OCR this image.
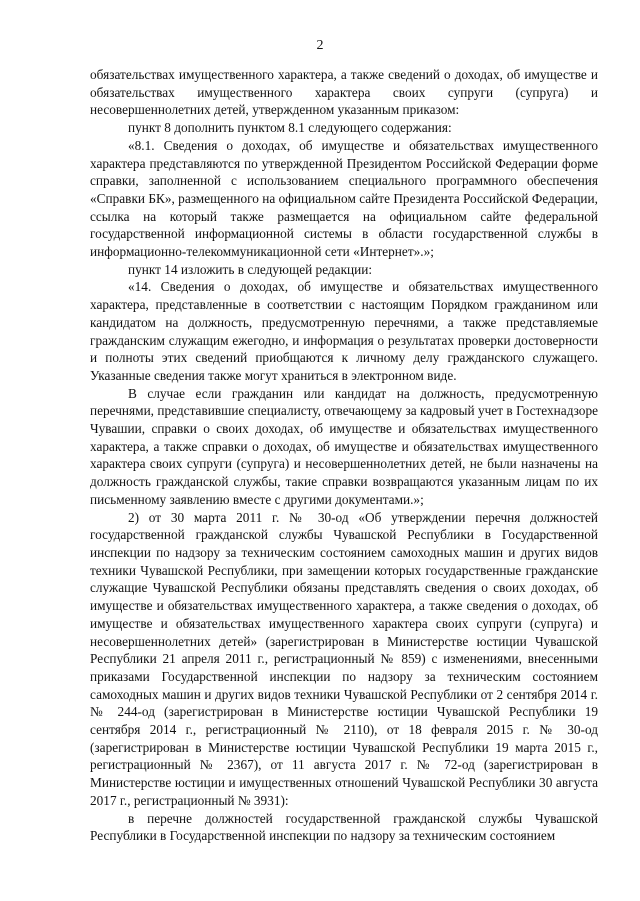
2

обязательствах имущественного характера, а также сведений о доходах, об имуществе и обязательствах имущественного характера своих супруги (супруга) и несовершеннолетних детей, утвержденном указанным приказом:

пункт 8 дополнить пунктом 8.1 следующего содержания:

«8.1. Сведения о доходах, об имуществе и обязательствах имущественного характера представляются по утвержденной Президентом Российской Федерации форме справки, заполненной с использованием специального программного обеспечения «Справки БК», размещенного на официальном сайте Президента Российской Федерации, ссылка на который также размещается на официальном сайте федеральной государственной информационной системы в области государственной службы в информационно-телекоммуникационной сети «Интернет».»;

пункт 14 изложить в следующей редакции:

«14. Сведения о доходах, об имуществе и обязательствах имущественного характера, представленные в соответствии с настоящим Порядком гражданином или кандидатом на должность, предусмотренную перечнями, а также представляемые гражданским служащим ежегодно, и информация о результатах проверки достоверности и полноты этих сведений приобщаются к личному делу гражданского служащего. Указанные сведения также могут храниться в электронном виде.

В случае если гражданин или кандидат на должность, предусмотренную перечнями, представившие специалисту, отвечающему за кадровый учет в Гостехнадзоре Чувашии, справки о своих доходах, об имуществе и обязательствах имущественного характера, а также справки о доходах, об имуществе и обязательствах имущественного характера своих супруги (супруга) и несовершеннолетних детей, не были назначены на должность гражданской службы, такие справки возвращаются указанным лицам по их письменному заявлению вместе с другими документами.»;

2) от 30 марта 2011 г. № 30-од «Об утверждении перечня должностей государственной гражданской службы Чувашской Республики в Государственной инспекции по надзору за техническим состоянием самоходных машин и других видов техники Чувашской Республики, при замещении которых государственные гражданские служащие Чувашской Республики обязаны представлять сведения о своих доходах, об имуществе и обязательствах имущественного характера, а также сведения о доходах, об имуществе и обязательствах имущественного характера своих супруги (супруга) и несовершеннолетних детей» (зарегистрирован в Министерстве юстиции Чувашской Республики 21 апреля 2011 г., регистрационный № 859) с изменениями, внесенными приказами Государственной инспекции по надзору за техническим состоянием самоходных машин и других видов техники Чувашской Республики от 2 сентября 2014 г. № 244-од (зарегистрирован в Министерстве юстиции Чувашской Республики 19 сентября 2014 г., регистрационный № 2110), от 18 февраля 2015 г. № 30-од (зарегистрирован в Министерстве юстиции Чувашской Республики 19 марта 2015 г., регистрационный № 2367), от 11 августа 2017 г. № 72-од (зарегистрирован в Министерстве юстиции и имущественных отношений Чувашской Республики 30 августа 2017 г., регистрационный № 3931):

в перечне должностей государственной гражданской службы Чувашской Республики в Государственной инспекции по надзору за техническим состоянием
